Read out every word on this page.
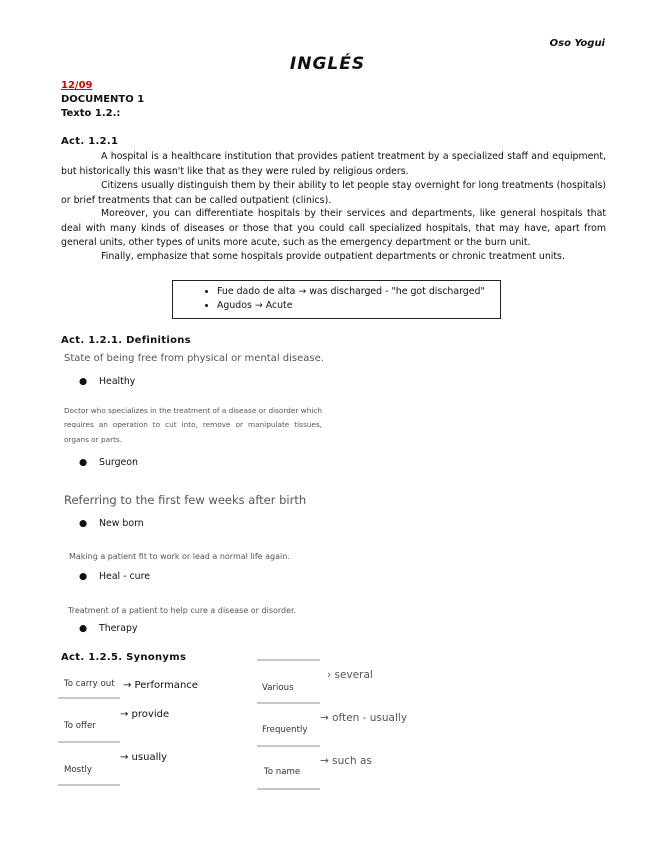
Oso Yogui
INGLÉS
12/09
DOCUMENTO 1
Texto 1.2.:
Act. 1.2.1
A hospital is a healthcare institution that provides patient treatment by a specialized staff and equipment, but historically this wasn't like that as they were ruled by religious orders.
Citizens usually distinguish them by their ability to let people stay overnight for long treatments (hospitals) or brief treatments that can be called outpatient (clinics).
Moreover, you can differentiate hospitals by their services and departments, like general hospitals that deal with many kinds of diseases or those that you could call specialized hospitals, that may have, apart from general units, other types of units more acute, such as the emergency department or the burn unit.
Finally, emphasize that some hospitals provide outpatient departments or chronic treatment units.
• Fue dado de alta → was discharged - "he got discharged"
• Agudos → Acute
Act. 1.2.1. Definitions
State of being free from physical or mental disease.
● Healthy
Doctor who specializes in the treatment of a disease or disorder which requires an operation to cut into, remove or manipulate tissues, organs or parts.
● Surgeon
Referring to the first few weeks after birth
● New born
Making a patient fit to work or lead a normal life again.
● Heal - cure
Treatment of a patient to help cure a disease or disorder.
● Therapy
Act. 1.2.5. Synonyms
To carry out → Performance
To offer
→ provide
Mostly
→ usually
Various
› several
Frequently
→ often - usually
To name
→ such as
